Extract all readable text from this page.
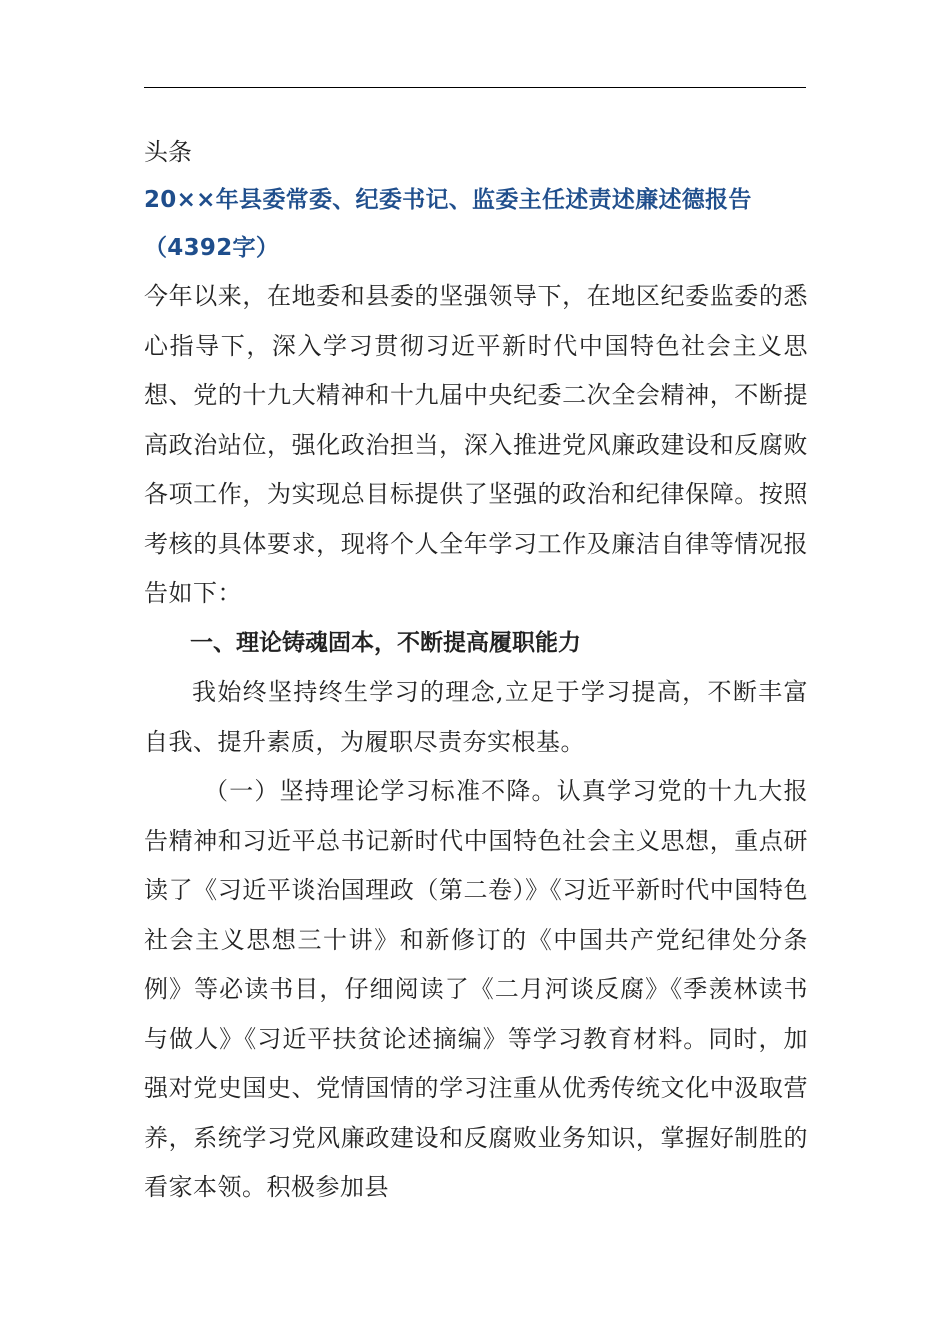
头条

20××年县委常委、纪委书记、监委主任述责述廉述德报告（4392字）

今年以来，在地委和县委的坚强领导下，在地区纪委监委的悉心指导下，深入学习贯彻习近平新时代中国特色社会主义思想、党的十九大精神和十九届中央纪委二次全会精神，不断提高政治站位，强化政治担当，深入推进党风廉政建设和反腐败各项工作，为实现总目标提供了坚强的政治和纪律保障。按照考核的具体要求，现将个人全年学习工作及廉洁自律等情况报告如下：

一、理论铸魂固本，不断提高履职能力

我始终坚持终生学习的理念,立足于学习提高，不断丰富自我、提升素质，为履职尽责夯实根基。

（一）坚持理论学习标准不降。认真学习党的十九大报告精神和习近平总书记新时代中国特色社会主义思想，重点研读了《习近平谈治国理政（第二卷）》《习近平新时代中国特色社会主义思想三十讲》和新修订的《中国共产党纪律处分条例》等必读书目，仔细阅读了《二月河谈反腐》《季羡林读书与做人》《习近平扶贫论述摘编》等学习教育材料。同时，加强对党史国史、党情国情的学习注重从优秀传统文化中汲取营养，系统学习党风廉政建设和反腐败业务知识，掌握好制胜的看家本领。积极参加县
